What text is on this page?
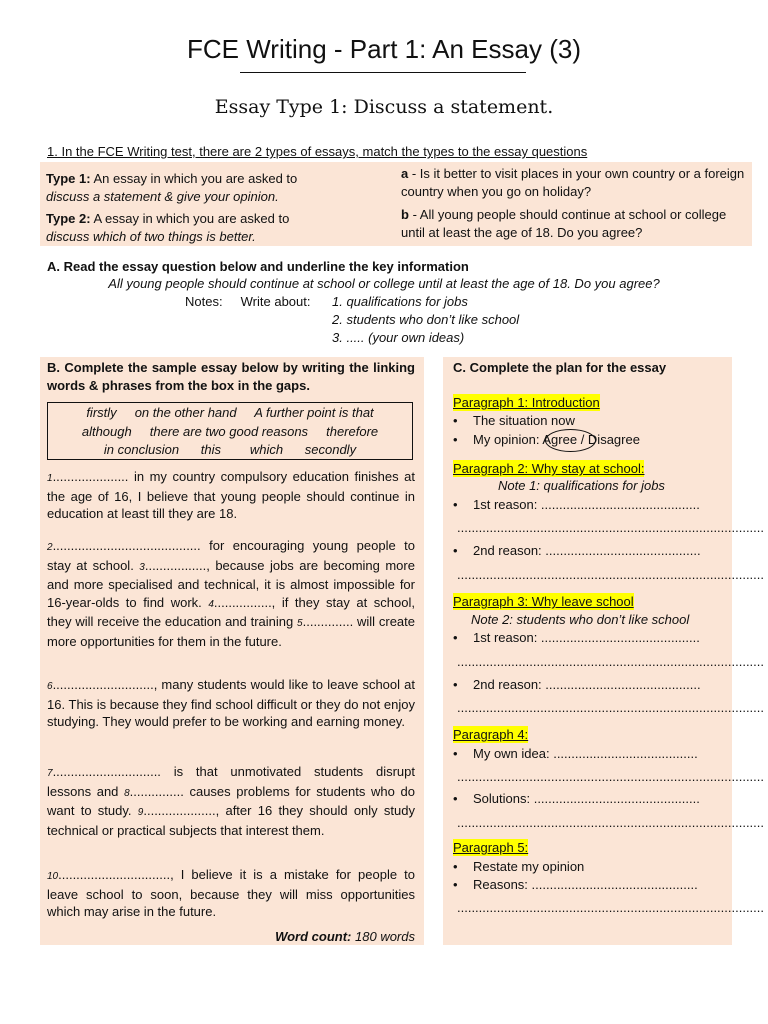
FCE Writing - Part 1: An Essay (3)
Essay Type 1: Discuss a statement.
1. In the FCE Writing test, there are 2 types of essays, match the types to the essay questions
Type 1: An essay in which you are asked to
discuss a statement & give your opinion.
Type 2: A essay in which you are asked to
discuss which of two things is better.
a - Is it better to visit places in your own country or a foreign country when you go on holiday?
b - All young people should continue at school or college until at least the age of 18. Do you agree?
A. Read the essay question below and underline the key information
All young people should continue at school or college until at least the age of 18. Do you agree?
Notes: Write about: 1. qualifications for jobs
2. students who don’t like school
3. ..... (your own ideas)
B. Complete the sample essay below by writing the linking words & phrases from the box in the gaps.
firstly     on the other hand     A further point is that
although     there are two good reasons     therefore
in conclusion      this        which      secondly
1..................... in my country compulsory education finishes at the age of 16, I believe that young people should continue in education at least till they are 18.
2......................................... for encouraging young people to stay at school. 3................., because jobs are becoming more and more specialised and technical, it is almost impossible for 16-year-olds to find work. 4................, if they stay at school, they will receive the education and training 5.............. will create more opportunities for them in the future.
6............................, many students would like to leave school at 16. This is because they find school difficult or they do not enjoy studying. They would prefer to be working and earning money.
7.............................. is that unmotivated students disrupt lessons and 8............... causes problems for students who do want to study. 9...................., after 16 they should only study technical or practical subjects that interest them.
10..............................., I believe it is a mistake for people to leave school to soon, because they will miss opportunities which may arise in the future.
Word count: 180 words
C. Complete the plan for the essay
Paragraph 1: Introduction
• The situation now
• My opinion: Agree / Disagree
Paragraph 2: Why stay at school:
Note 1: qualifications for jobs
• 1st reason: ............................................
.....................................................................................
• 2nd reason: ...........................................
.....................................................................................
Paragraph 3: Why leave school
Note 2: students who don’t like school
• 1st reason: ............................................
.....................................................................................
• 2nd reason: ...........................................
.....................................................................................
Paragraph 4:
• My own idea: ........................................
.....................................................................................
• Solutions: ..............................................
.....................................................................................
Paragraph 5:
• Restate my opinion
• Reasons: ..............................................
.....................................................................................
